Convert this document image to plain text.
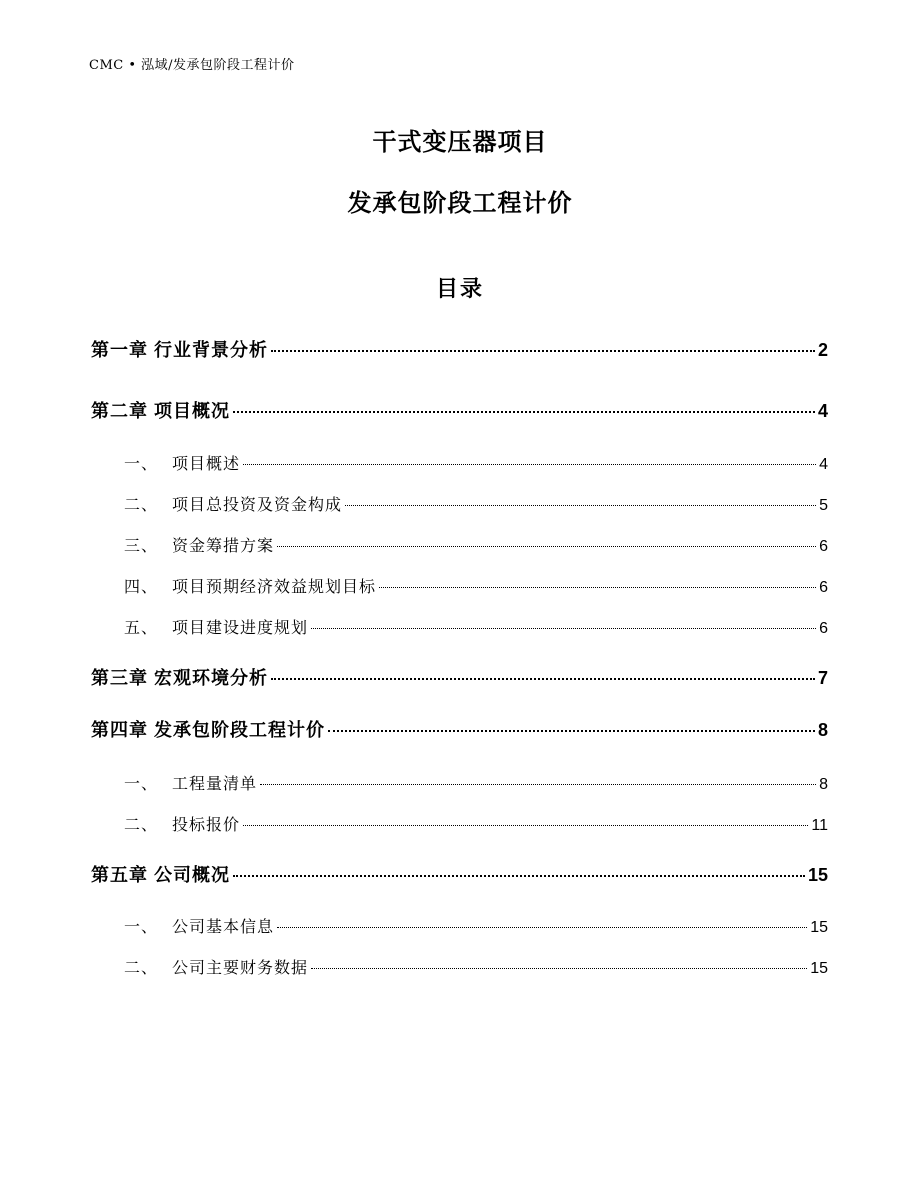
CMC • 泓域/发承包阶段工程计价
干式变压器项目
发承包阶段工程计价
目录
第一章 行业背景分析	2
第二章 项目概况	4
一、 项目概述	4
二、 项目总投资及资金构成	5
三、 资金筹措方案	6
四、 项目预期经济效益规划目标	6
五、 项目建设进度规划	6
第三章 宏观环境分析	7
第四章 发承包阶段工程计价	8
一、 工程量清单	8
二、 投标报价	11
第五章 公司概况	15
一、 公司基本信息	15
二、 公司主要财务数据	15
